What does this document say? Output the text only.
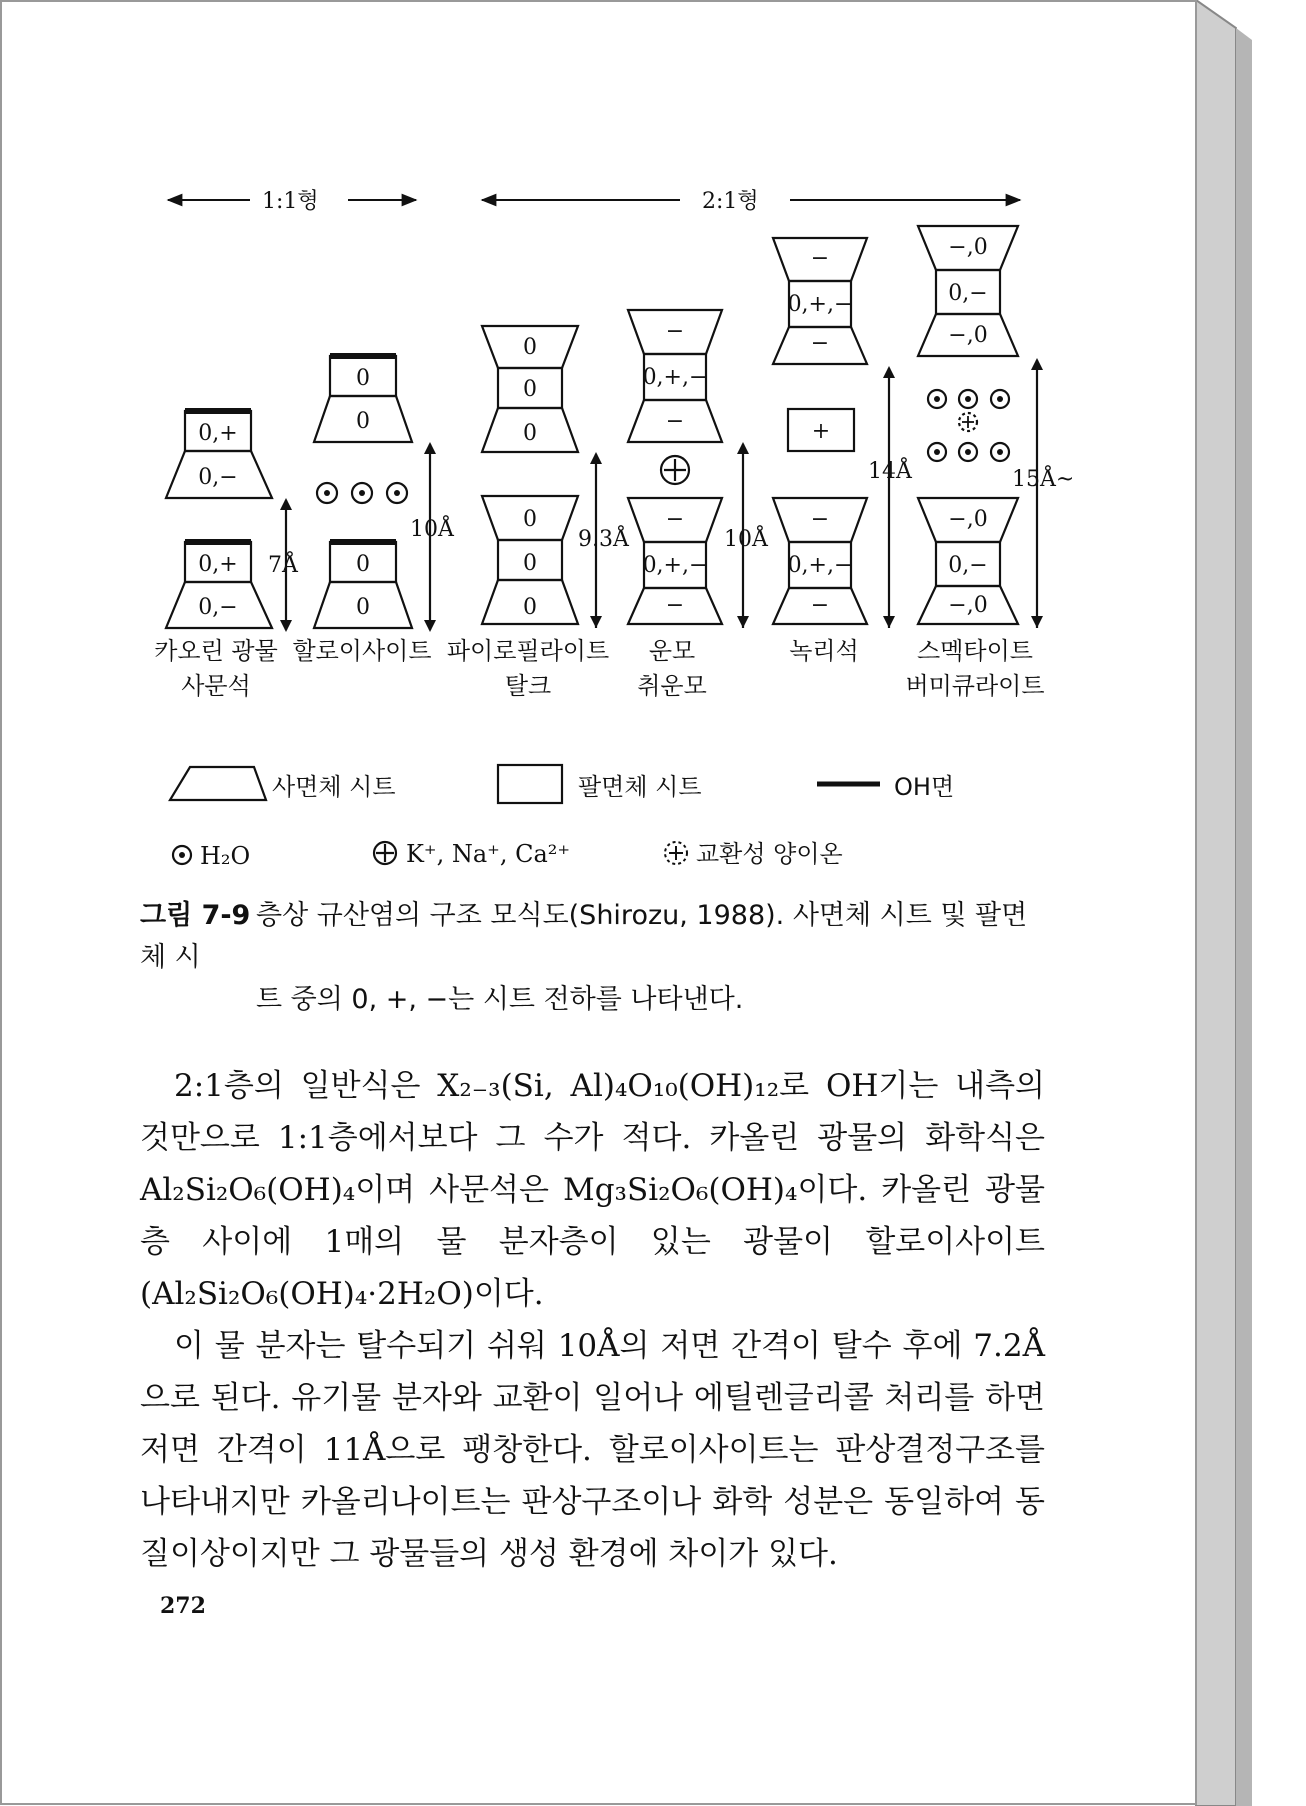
1:1형	2:1형
0,+
0,−
0,+
0,−
0
0
0
0
0
0
0
0
0
0
−
0,+,−
−
−
0,+,−
−
−
0,+,−
−
+
−
0,+,−
−
−,0
0,−
−,0
−,0
0,−
−,0
7Å
10Å	9.3Å	10Å
14Å	15Å~
카오린 광물
사문석
할로이사이트 파이로필라이트
탈크
운모
취운모
녹리석 스멕타이트
버미큐라이트
사면체 시트	팔면체 시트	OH면
H₂O	K⁺, Na⁺, Ca²⁺	교환성 양이온
그림 7-9 층상 규산염의 구조 모식도(Shirozu, 1988). 사면체 시트 및 팔면체 시
트 중의 0, +, −는 시트 전하를 나타낸다.

2:1층의 일반식은 X₂₋₃(Si, Al)₄O₁₀(OH)₁₂로 OH기는 내측의 것만으로 1:1층에서보다 그 수가 적다. 카올린 광물의 화학식은 Al₂Si₂O₆(OH)₄이며 사문석은 Mg₃Si₂O₆(OH)₄이다. 카올린 광물층 사이에 1매의 물 분자층이 있는 광물이 할로이사이트(Al₂Si₂O₆(OH)₄·2H₂O)이다.

이 물 분자는 탈수되기 쉬워 10Å의 저면 간격이 탈수 후에 7.2Å으로 된다. 유기물 분자와 교환이 일어나 에틸렌글리콜 처리를 하면 저면 간격이 11Å으로 팽창한다. 할로이사이트는 판상결정구조를 나타내지만 카올리나이트는 판상구조이나 화학 성분은 동일하여 동질이상이지만 그 광물들의 생성 환경에 차이가 있다.

272
